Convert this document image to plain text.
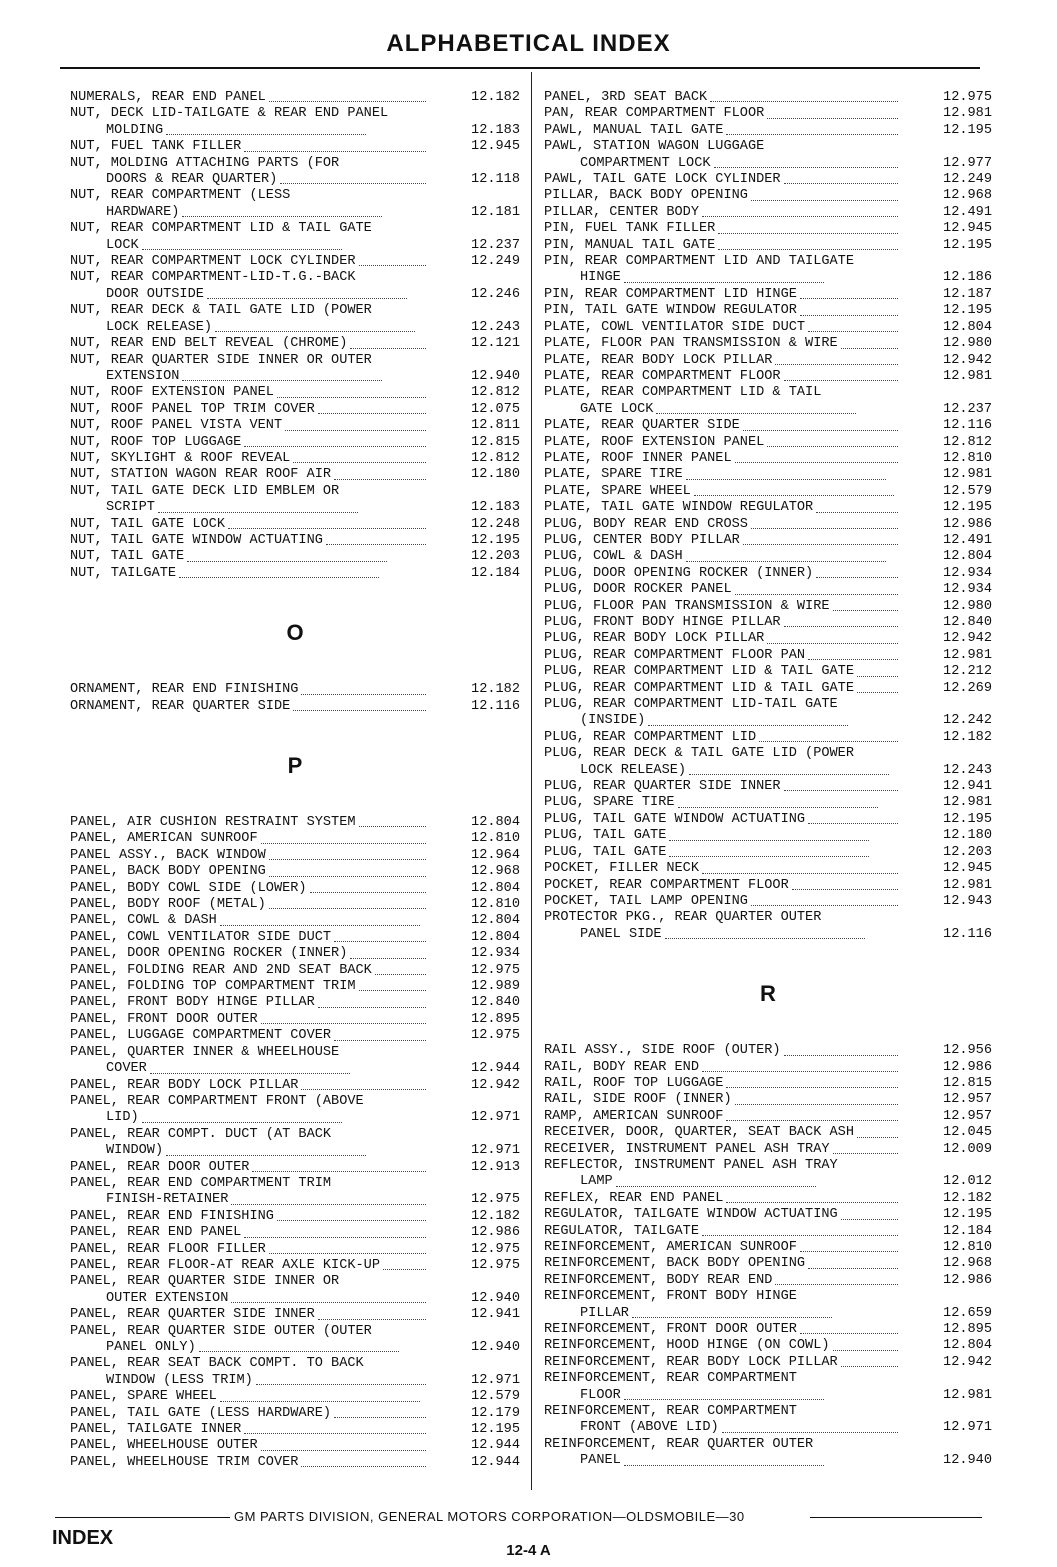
ALPHABETICAL INDEX
NUMERALS, REAR END PANEL	12.182
NUT, DECK LID-TAILGATE & REAR END PANEL
MOLDING	12.183
NUT, FUEL TANK FILLER	12.945
NUT, MOLDING ATTACHING PARTS (FOR
DOORS & REAR QUARTER)	12.118
NUT, REAR COMPARTMENT (LESS
HARDWARE)	12.181
NUT, REAR COMPARTMENT LID & TAIL GATE
LOCK	12.237
NUT, REAR COMPARTMENT LOCK CYLINDER	12.249
NUT, REAR COMPARTMENT-LID-T.G.-BACK
DOOR OUTSIDE	12.246
NUT, REAR DECK & TAIL GATE LID (POWER
LOCK RELEASE)	12.243
NUT, REAR END BELT REVEAL (CHROME)	12.121
NUT, REAR QUARTER SIDE INNER OR OUTER
EXTENSION	12.940
NUT, ROOF EXTENSION PANEL	12.812
NUT, ROOF PANEL TOP TRIM COVER	12.075
NUT, ROOF PANEL VISTA VENT	12.811
NUT, ROOF TOP LUGGAGE	12.815
NUT, SKYLIGHT & ROOF REVEAL	12.812
NUT, STATION WAGON REAR ROOF AIR	12.180
NUT, TAIL GATE DECK LID EMBLEM OR
SCRIPT	12.183
NUT, TAIL GATE LOCK	12.248
NUT, TAIL GATE WINDOW ACTUATING	12.195
NUT, TAIL GATE	12.203
NUT, TAILGATE	12.184
O
ORNAMENT, REAR END FINISHING	12.182
ORNAMENT, REAR QUARTER SIDE	12.116
P
PANEL, AIR CUSHION RESTRAINT SYSTEM	12.804
PANEL, AMERICAN SUNROOF	12.810
PANEL ASSY., BACK WINDOW	12.964
PANEL, BACK BODY OPENING	12.968
PANEL, BODY COWL SIDE (LOWER)	12.804
PANEL, BODY ROOF (METAL)	12.810
PANEL, COWL & DASH	12.804
PANEL, COWL VENTILATOR SIDE DUCT	12.804
PANEL, DOOR OPENING ROCKER (INNER)	12.934
PANEL, FOLDING REAR AND 2ND SEAT BACK	12.975
PANEL, FOLDING TOP COMPARTMENT TRIM	12.989
PANEL, FRONT BODY HINGE PILLAR	12.840
PANEL, FRONT DOOR OUTER	12.895
PANEL, LUGGAGE COMPARTMENT COVER	12.975
PANEL, QUARTER INNER & WHEELHOUSE
COVER	12.944
PANEL, REAR BODY LOCK PILLAR	12.942
PANEL, REAR COMPARTMENT FRONT (ABOVE
LID)	12.971
PANEL, REAR COMPT. DUCT (AT BACK
WINDOW)	12.971
PANEL, REAR DOOR OUTER	12.913
PANEL, REAR END COMPARTMENT TRIM
FINISH-RETAINER	12.975
PANEL, REAR END FINISHING	12.182
PANEL, REAR END PANEL	12.986
PANEL, REAR FLOOR FILLER	12.975
PANEL, REAR FLOOR-AT REAR AXLE KICK-UP	12.975
PANEL, REAR QUARTER SIDE INNER OR
OUTER EXTENSION	12.940
PANEL, REAR QUARTER SIDE INNER	12.941
PANEL, REAR QUARTER SIDE OUTER (OUTER
PANEL ONLY)	12.940
PANEL, REAR SEAT BACK COMPT. TO BACK
WINDOW (LESS TRIM)	12.971
PANEL, SPARE WHEEL	12.579
PANEL, TAIL GATE (LESS HARDWARE)	12.179
PANEL, TAILGATE INNER	12.195
PANEL, WHEELHOUSE OUTER	12.944
PANEL, WHEELHOUSE TRIM COVER	12.944
PANEL, 3RD SEAT BACK	12.975
PAN, REAR COMPARTMENT FLOOR	12.981
PAWL, MANUAL TAIL GATE	12.195
PAWL, STATION WAGON LUGGAGE
COMPARTMENT LOCK	12.977
PAWL, TAIL GATE LOCK CYLINDER	12.249
PILLAR, BACK BODY OPENING	12.968
PILLAR, CENTER BODY	12.491
PIN, FUEL TANK FILLER	12.945
PIN, MANUAL TAIL GATE	12.195
PIN, REAR COMPARTMENT LID AND TAILGATE
HINGE	12.186
PIN, REAR COMPARTMENT LID HINGE	12.187
PIN, TAIL GATE WINDOW REGULATOR	12.195
PLATE, COWL VENTILATOR SIDE DUCT	12.804
PLATE, FLOOR PAN TRANSMISSION & WIRE	12.980
PLATE, REAR BODY LOCK PILLAR	12.942
PLATE, REAR COMPARTMENT FLOOR	12.981
PLATE, REAR COMPARTMENT LID & TAIL
GATE LOCK	12.237
PLATE, REAR QUARTER SIDE	12.116
PLATE, ROOF EXTENSION PANEL	12.812
PLATE, ROOF INNER PANEL	12.810
PLATE, SPARE TIRE	12.981
PLATE, SPARE WHEEL	12.579
PLATE, TAIL GATE WINDOW REGULATOR	12.195
PLUG, BODY REAR END CROSS	12.986
PLUG, CENTER BODY PILLAR	12.491
PLUG, COWL & DASH	12.804
PLUG, DOOR OPENING ROCKER (INNER)	12.934
PLUG, DOOR ROCKER PANEL	12.934
PLUG, FLOOR PAN TRANSMISSION & WIRE	12.980
PLUG, FRONT BODY HINGE PILLAR	12.840
PLUG, REAR BODY LOCK PILLAR	12.942
PLUG, REAR COMPARTMENT FLOOR PAN	12.981
PLUG, REAR COMPARTMENT LID & TAIL GATE	12.212
PLUG, REAR COMPARTMENT LID & TAIL GATE	12.269
PLUG, REAR COMPARTMENT LID-TAIL GATE
(INSIDE)	12.242
PLUG, REAR COMPARTMENT LID	12.182
PLUG, REAR DECK & TAIL GATE LID (POWER
LOCK RELEASE)	12.243
PLUG, REAR QUARTER SIDE INNER	12.941
PLUG, SPARE TIRE	12.981
PLUG, TAIL GATE WINDOW ACTUATING	12.195
PLUG, TAIL GATE	12.180
PLUG, TAIL GATE	12.203
POCKET, FILLER NECK	12.945
POCKET, REAR COMPARTMENT FLOOR	12.981
POCKET, TAIL LAMP OPENING	12.943
PROTECTOR PKG., REAR QUARTER OUTER
PANEL SIDE	12.116
R
RAIL ASSY., SIDE ROOF (OUTER)	12.956
RAIL, BODY REAR END	12.986
RAIL, ROOF TOP LUGGAGE	12.815
RAIL, SIDE ROOF (INNER)	12.957
RAMP, AMERICAN SUNROOF	12.957
RECEIVER, DOOR, QUARTER, SEAT BACK ASH	12.045
RECEIVER, INSTRUMENT PANEL ASH TRAY	12.009
REFLECTOR, INSTRUMENT PANEL ASH TRAY
LAMP	12.012
REFLEX, REAR END PANEL	12.182
REGULATOR, TAILGATE WINDOW ACTUATING	12.195
REGULATOR, TAILGATE	12.184
REINFORCEMENT, AMERICAN SUNROOF	12.810
REINFORCEMENT, BACK BODY OPENING	12.968
REINFORCEMENT, BODY REAR END	12.986
REINFORCEMENT, FRONT BODY HINGE
PILLAR	12.659
REINFORCEMENT, FRONT DOOR OUTER	12.895
REINFORCEMENT, HOOD HINGE (ON COWL)	12.804
REINFORCEMENT, REAR BODY LOCK PILLAR	12.942
REINFORCEMENT, REAR COMPARTMENT
FLOOR	12.981
REINFORCEMENT, REAR COMPARTMENT
FRONT (ABOVE LID)	12.971
REINFORCEMENT, REAR QUARTER OUTER
PANEL	12.940
GM PARTS DIVISION, GENERAL MOTORS CORPORATION—OLDSMOBILE—30
INDEX
12-4 A
